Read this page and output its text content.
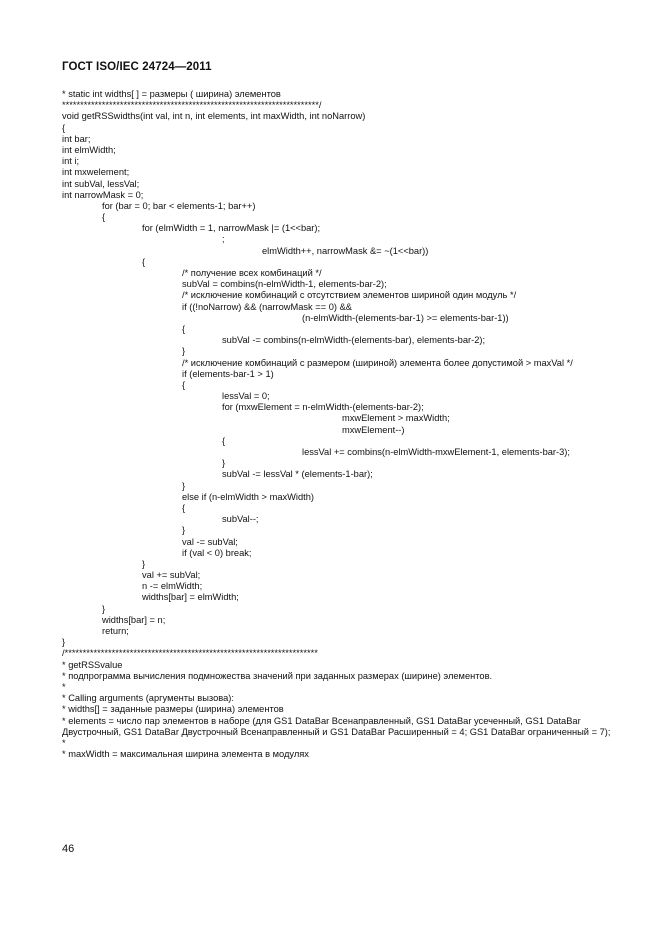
ГОСТ ISO/IEC 24724—2011
* static int widths[ ] = размеры ( ширина) элементов
***********************************************************************/
void getRSSwidths(int val, int n, int elements, int maxWidth, int noNarrow)
{
int bar;
int elmWidth;
int i;
int mxwelement;
int subVal, lessVal;
int narrowMask = 0;
for (bar = 0; bar < elements-1; bar++)
{
for (elmWidth = 1, narrowMask |= (1<<bar);
;
elmWidth++, narrowMask &= ~(1<<bar))
{
/* получение всех комбинаций */
subVal = combins(n-elmWidth-1, elements-bar-2);
/* исключение комбинаций с отсутствием элементов шириной один модуль */
if ((!noNarrow) && (narrowMask == 0) &&
(n-elmWidth-(elements-bar-1) >= elements-bar-1))
{
subVal -= combins(n-elmWidth-(elements-bar), elements-bar-2);
}
/* исключение комбинаций с размером (шириной) элемента более допустимой > maxVal */
if (elements-bar-1 > 1)
{
lessVal = 0;
for (mxwElement = n-elmWidth-(elements-bar-2);
mxwElement > maxWidth;
mxwElement--)
{
lessVal += combins(n-elmWidth-mxwElement-1, elements-bar-3);
}
subVal -= lessVal * (elements-1-bar);
}
else if (n-elmWidth > maxWidth)
{
subVal--;
}
val -= subVal;
if (val < 0) break;
}
val += subVal;
n -= elmWidth;
widths[bar] = elmWidth;
}
widths[bar] = n;
return;
}
/**********************************************************************
* getRSSvalue
* подпрограмма вычисления подмножества значений при заданных размерах (ширине) элементов.
*
* Calling arguments (аргументы вызова):
* widths[] = заданные размеры (ширина) элементов
* elements = число пар элементов в наборе (для GS1 DataBar Всенаправленный, GS1 DataBar усеченный, GS1 DataBar Двустрочный, GS1 DataBar Двустрочный Всенаправленный и GS1 DataBar Расширенный = 4; GS1 DataBar ограниченный = 7);
*
* maxWidth = максимальная ширина элемента в модулях
46
